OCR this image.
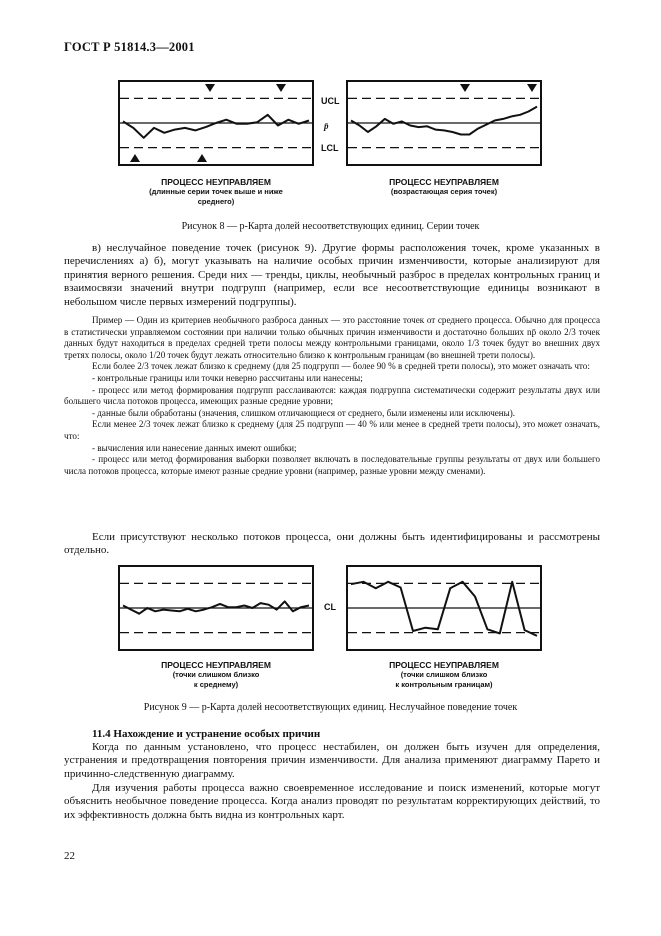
ГОСТ Р 51814.3—2001
UCL
p̄
LCL
ПРОЦЕСС НЕУПРАВЛЯЕМ
(длинные серии точек выше и ниже
среднего)
ПРОЦЕСС НЕУПРАВЛЯЕМ
(возрастающая серия точек)
Рисунок 8 — p-Карта долей несоответствующих единиц. Серии точек
в) неслучайное поведение точек (рисунок 9). Другие формы расположения точек, кроме указанных в перечислениях а) б), могут указывать на наличие особых причин изменчивости, которые анализируют для принятия верного решения. Среди них — тренды, циклы, необычный разброс в пределах контрольных границ и взаимосвязи значений внутри подгрупп (например, если все несоответствующие единицы возникают в небольшом числе первых измерений подгруппы).

Пример — Один из критериев необычного разброса данных — это расстояние точек от среднего процесса. Обычно для процесса в статистически управляемом состоянии при наличии только обычных причин изменчивости и достаточно больших np̄ около 2/3 точек данных будут находиться в пределах средней трети полосы между контрольными границами, около 1/3 точек будут во внешних двух третях полосы, около 1/20 точек будут лежать относительно близко к контрольным границам (во внешней трети полосы).

Если более 2/3 точек лежат близко к среднему (для 25 подгрупп — более 90 % в средней трети полосы), это может означать что:

- контрольные границы или точки неверно рассчитаны или нанесены;

- процесс или метод формирования подгрупп расслаиваются: каждая подгруппа систематически содержит результаты двух или большего числа потоков процесса, имеющих разные средние уровни;

- данные были обработаны (значения, слишком отличающиеся от среднего, были изменены или исключены).

Если менее 2/3 точек лежат близко к среднему (для 25 подгрупп — 40 % или менее в средней трети полосы), это может означать, что:

- вычисления или нанесение данных имеют ошибки;

- процесс или метод формирования выборки позволяет включать в последовательные группы результаты от двух или большего числа потоков процесса, которые имеют разные средние уровни (например, разные уровни между сменами).

Если присутствуют несколько потоков процесса, они должны быть идентифицированы и рассмотрены отдельно.
CL
ПРОЦЕСС НЕУПРАВЛЯЕМ
(точки слишком близко
к среднему)
ПРОЦЕСС НЕУПРАВЛЯЕМ
(точки слишком близко
к контрольным границам)
Рисунок 9 — p-Карта долей несоответствующих единиц. Неслучайное поведение точек
11.4 Нахождение и устранение особых причин
Когда по данным установлено, что процесс нестабилен, он должен быть изучен для определения, устранения и предотвращения повторения причин изменчивости. Для анализа применяют диаграмму Парето и причинно-следственную диаграмму.
Для изучения работы процесса важно своевременное исследование и поиск изменений, которые могут объяснить необычное поведение процесса. Когда анализ проводят по результатам корректирующих действий, то их эффективность должна быть видна из контрольных карт.
22
